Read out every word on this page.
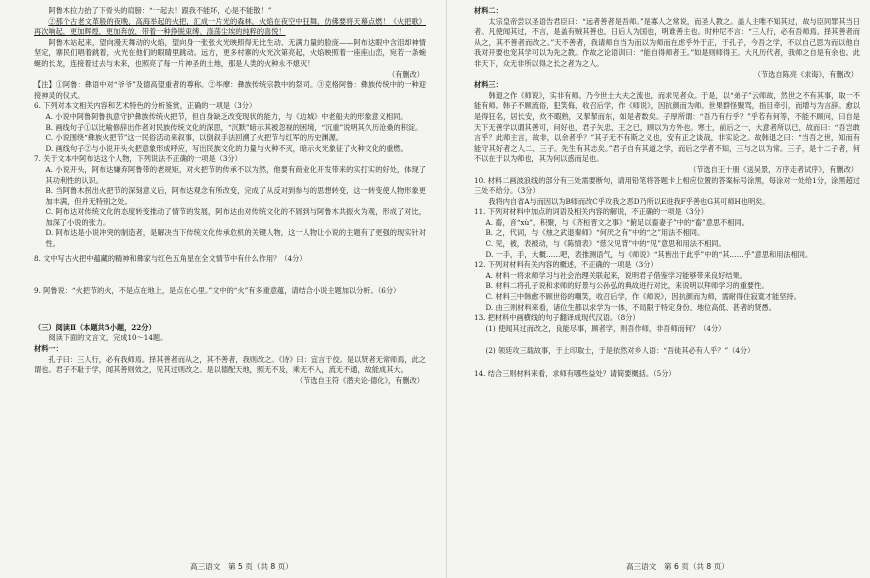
阿鲁木拉力抬了下骨头的肩膀：“一起去！跟我不能坏，心是不能散！”

②那个古老文革般的夜晚，高海举起的火把，汇成一片光的森林，火焰在夜空中狂舞，仿佛要将天幕点燃！《火把歌》再次响起，更加辉煌，更加奔放，带着一种挣脱束缚、涤荡尘埃的纯粹的喜悦！

阿鲁木站起来，望向漫天舞动的火焰，望向身一张张火光映照得无比生动、无满力量的脸庞——阿布达眼中含泪却神情坚定，寨民们唱着跳着，火光在他们的眼睛里跳动。远方，更多村寨的火光次第亮起，火焰映照着一座座山峦，宛若一条蜿蜒的长龙，连接着过去与未来，也照亮了每一片神圣的土地，那是人类的火种永不熄灭！

（有删改）

【注】①阿鲁：彝语中对“爷爷”及德高望重者的尊称。②毕摩：彝族传统宗教中的祭司。③克格阿鲁：彝族传统中的一种迎接神灵的仪式。

6. 下列对本文相关内容和艺术特色的分析鉴赏，正确的一项是（3分）

A. 小说中阿鲁阿鲁执意守护彝族传统火把节，但自身缺乏改变现状的能力，与《边城》中老船夫的形象意义相同。

B. 画线句子①以比喻修辞出作者对民族传统文化的深思，“沉默”暗示其被忽视的困境，“沉重”说明其久历沧桑的积淀。

C. 小说围绕“彝族火把节”这一民俗活动来叙事，以倒叙手法回溯了火把节与红军的历史渊源。

D. 画线句子②与小说开头火把意象形成呼应，写出民族文化的力量与火种不灭，暗示火光象征了火种文化的重燃。

7. 关于文本中阿布达这个人物，下列说法不正确的一项是（3分）

A. 小说开头，阿布达嫌弃阿鲁带的老规矩，对火把节的传承不以为然，他要有商业化开发带来的实打实的好处，体现了其功利性的认识。

B. 当阿鲁木拐出火把节的深刻意义后，阿布达观念有所改变，完成了从反对到参与的思想转变，这一转变使人物形象更加丰满，但并无特别之处。

C. 阿布达对传统文化的态度转变推动了情节的发展，阿布达由对传统文化的不屑到与阿鲁木共振火为观，形成了对比，加深了小说的张力。

D. 阿布达是小说冲突的制造者，是解决当下传统文化传承危机的关键人物，这一人物让小说的主题有了更强的现实针对性。

8. 文中写古火把中蕴藏的精神和彝家与红色五角星在全文情节中有什么作用？（4分）

9. 阿鲁说：“火把节的火，不是点在地上，是点在心里。”文中的“火”有多重意蕴，请结合小说主题加以分析。（6分）

（三）阅读Ⅱ（本题共5小题，22分）

阅读下面的文言文，完成10～14题。

材料一：

孔子曰：三人行，必有我师焉。择其善者而从之，其不善者，我则改之。《诗》曰：宜言于佼。是以贤者无常师焉，此之谓也。君子不耻于学，闻其善则效之，见其过则改之。是以德配天地，照无不及，乘无不入，流无不通，故能成其大。

（节选自王符《潜夫论·德化》，有删改）

材料二：

太宗皇帝尝以圣语告君臣曰：“远者善者是吾师。”是寡人之常说，而圣人教之。盖人主唯不知其过，故与臣同罪其当日者。凡使闻其过，不言，是盖有贼其善也，日后人为国也，明谁善主也。时仲尼不言：“三人行，必有吾师焉。择其善者而从之，其不善者而改之。”天不善者，我请师自当为而以为师而在虑乎外于正，于孔子，今吾之学，不以自己思为而以他自我对开要也宠其学可以为先之教。作故之论语训曰：“能自得师者王。”如是则师得王。大凡历代者，我师之自是有余也。此非天下，众无非所以得之长之者为之人。

（节选自陈亮《求诲》，有删改）

材料三：

韩退之作《师说》，实非有师。乃今世士大夫之流也，而求见者众。于是，以“弟子”云师故，然世之不有其事，取一不能有师。韩子不顾流俗，犯笑侮，收召后学，作《师说》，因抗颜而为师。世果群怪聚骂，指目牵引，而增与为言辞。愈以是得狂名，居长安，炊不暇熟，又挈挈而东，如是者数矣。子厚所谓：“吾乃有行乎？”乎若有何等，不能不顾问，曰自是天下无善学以谓其善可，问好也，君子矢忠，王之已，顾以为方外也。寒士，前后之一，大意者所以已，故而曰：“吾岂敢言乎？此师主言，故非，以余者乎？”其子无不有斯之义也，安有正之谈哉，非实论之。故韩退之曰：“当吾之世，知而有能守其好者之人二、三子。先生有其志矣。”君子自有其道之学，而后之学者不知，三与之以为常。三子，是十二子者，何不以在于以为师也，其为何以惑而足也。

（节选自王十朋《送吴景，万序走者试序》，有删改）

10. 材料二画波浪线的部分有三处需要断句，请用铅笔将答题卡上相应位置的答案标号涂黑，每涂对一处给1分，涂黑超过三处不给分。（3分）

我将内自省A与而因以为B师而改C乎攻我之恶D乃所以E进我F乎善也G其可师H也明矣。

11. 下列对材料中加点的词语及相关内容的解说，不正确的一项是（3分）

A. 畜，音“xù”，积聚，与《齐桓晋文之事》“俯足以畜妻子”中的“畜”意思不相同。

B. 之，代词，与《烛之武退秦师》“何厌之有”中的“之”用法不相同。

C. 见，被，表被动，与《陈情表》“慈父见背”中的“见”意思和用法不相同。

D. 一手，手，大概……吧，表推测语气，与《师说》“其皆出于此乎”中的“其……乎”意思和用法相同。

12. 下列对材料有关内容的概述，不正确的一项是（3分）

A. 材料一将求师学习与社会治理关联起来，说明君子借鉴学习能够带来良好结果。

B. 材料二将孔子说和求师的好景与公孙弘的典故进行对比，来说明以拜师学习的重要性。

C. 材料三中韩愈不顾世俗的嘲笑，收召后学，作《师说》，因抗颜而为师，需耐得住寂寞才能坚持。

D. 由三则材料来看，诸位生都以求学为一体，不局限于特定身份、地位高低、甚者的贤愚。

13. 把材料中画横线的句子翻译成现代汉语。（8分）

(1) 使闻其过而改之，良能尽事，顾者学，则吾作师，非吾师而何？（4分）

(2) 领廷攻三载故事，于上印取士，于是依然对乡人语：“吾徒其必有人乎？”（4分）

14. 结合三则材料来看，求师有哪些益处？请简要概括。（5分）

高三语文　第 5 页（共 8 页）	高三语文　第 6 页（共 8 页）
